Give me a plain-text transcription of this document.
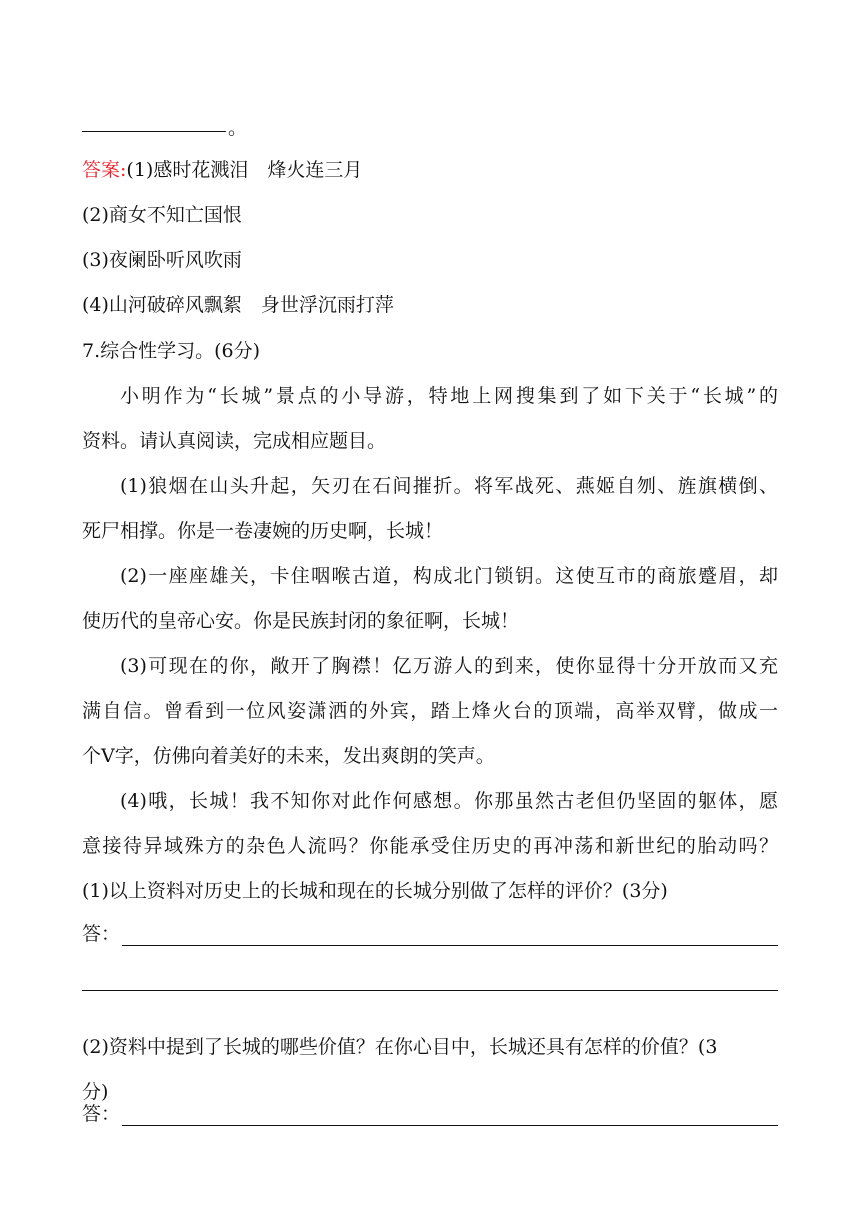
。
答案:(1)感时花溅泪　烽火连三月
(2)商女不知亡国恨
(3)夜阑卧听风吹雨
(4)山河破碎风飘絮　身世浮沉雨打萍
7.综合性学习。(6分)
小明作为“长城”景点的小导游，特地上网搜集到了如下关于“长城”的
资料。请认真阅读，完成相应题目。
(1)狼烟在山头升起，矢刃在石间摧折。将军战死、燕姬自刎、旌旗横倒、
死尸相撑。你是一卷凄婉的历史啊，长城！
(2)一座座雄关，卡住咽喉古道，构成北门锁钥。这使互市的商旅蹙眉，却
使历代的皇帝心安。你是民族封闭的象征啊，长城！
(3)可现在的你，敞开了胸襟！亿万游人的到来，使你显得十分开放而又充
满自信。曾看到一位风姿潇洒的外宾，踏上烽火台的顶端，高举双臂，做成一
个V字，仿佛向着美好的未来，发出爽朗的笑声。
(4)哦，长城！我不知你对此作何感想。你那虽然古老但仍坚固的躯体，愿
意接待异域殊方的杂色人流吗？你能承受住历史的再冲荡和新世纪的胎动吗？
(1)以上资料对历史上的长城和现在的长城分别做了怎样的评价？(3分)
答：
(2)资料中提到了长城的哪些价值？在你心目中，长城还具有怎样的价值？(3
分)
答：
